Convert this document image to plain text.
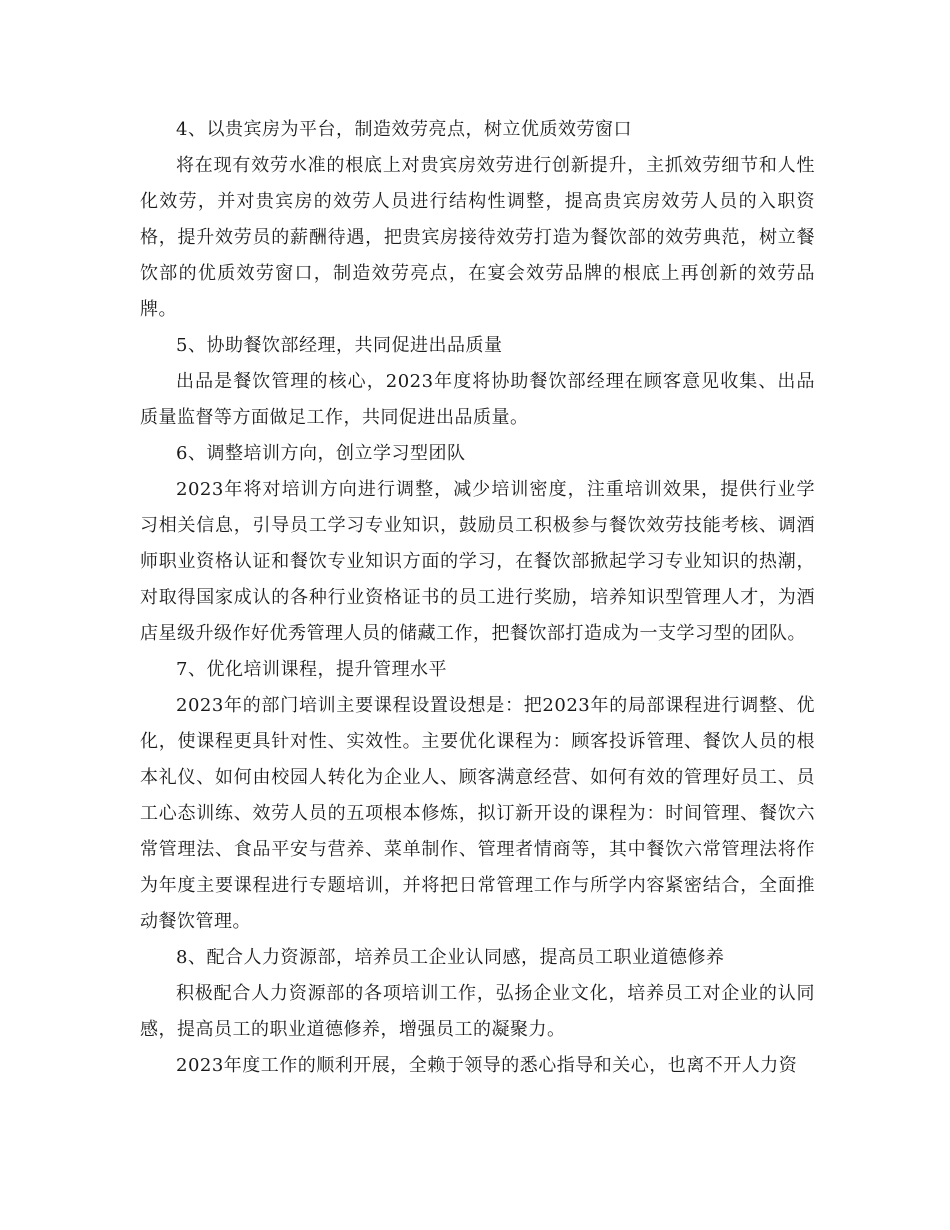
4、以贵宾房为平台，制造效劳亮点，树立优质效劳窗口

将在现有效劳水准的根底上对贵宾房效劳进行创新提升，主抓效劳细节和人性化效劳，并对贵宾房的效劳人员进行结构性调整，提高贵宾房效劳人员的入职资格，提升效劳员的薪酬待遇，把贵宾房接待效劳打造为餐饮部的效劳典范，树立餐饮部的优质效劳窗口，制造效劳亮点，在宴会效劳品牌的根底上再创新的效劳品牌。

5、协助餐饮部经理，共同促进出品质量

出品是餐饮管理的核心，2023年度将协助餐饮部经理在顾客意见收集、出品质量监督等方面做足工作，共同促进出品质量。

6、调整培训方向，创立学习型团队

2023年将对培训方向进行调整，减少培训密度，注重培训效果，提供行业学习相关信息，引导员工学习专业知识，鼓励员工积极参与餐饮效劳技能考核、调酒师职业资格认证和餐饮专业知识方面的学习，在餐饮部掀起学习专业知识的热潮，对取得国家成认的各种行业资格证书的员工进行奖励，培养知识型管理人才，为酒店星级升级作好优秀管理人员的储藏工作，把餐饮部打造成为一支学习型的团队。

7、优化培训课程，提升管理水平

2023年的部门培训主要课程设置设想是：把2023年的局部课程进行调整、优化，使课程更具针对性、实效性。主要优化课程为：顾客投诉管理、餐饮人员的根本礼仪、如何由校园人转化为企业人、顾客满意经营、如何有效的管理好员工、员工心态训练、效劳人员的五项根本修炼，拟订新开设的课程为：时间管理、餐饮六常管理法、食品平安与营养、菜单制作、管理者情商等，其中餐饮六常管理法将作为年度主要课程进行专题培训，并将把日常管理工作与所学内容紧密结合，全面推动餐饮管理。

8、配合人力资源部，培养员工企业认同感，提高员工职业道德修养

积极配合人力资源部的各项培训工作，弘扬企业文化，培养员工对企业的认同感，提高员工的职业道德修养，增强员工的凝聚力。

2023年度工作的顺利开展，全赖于领导的悉心指导和关心，也离不开人力资
